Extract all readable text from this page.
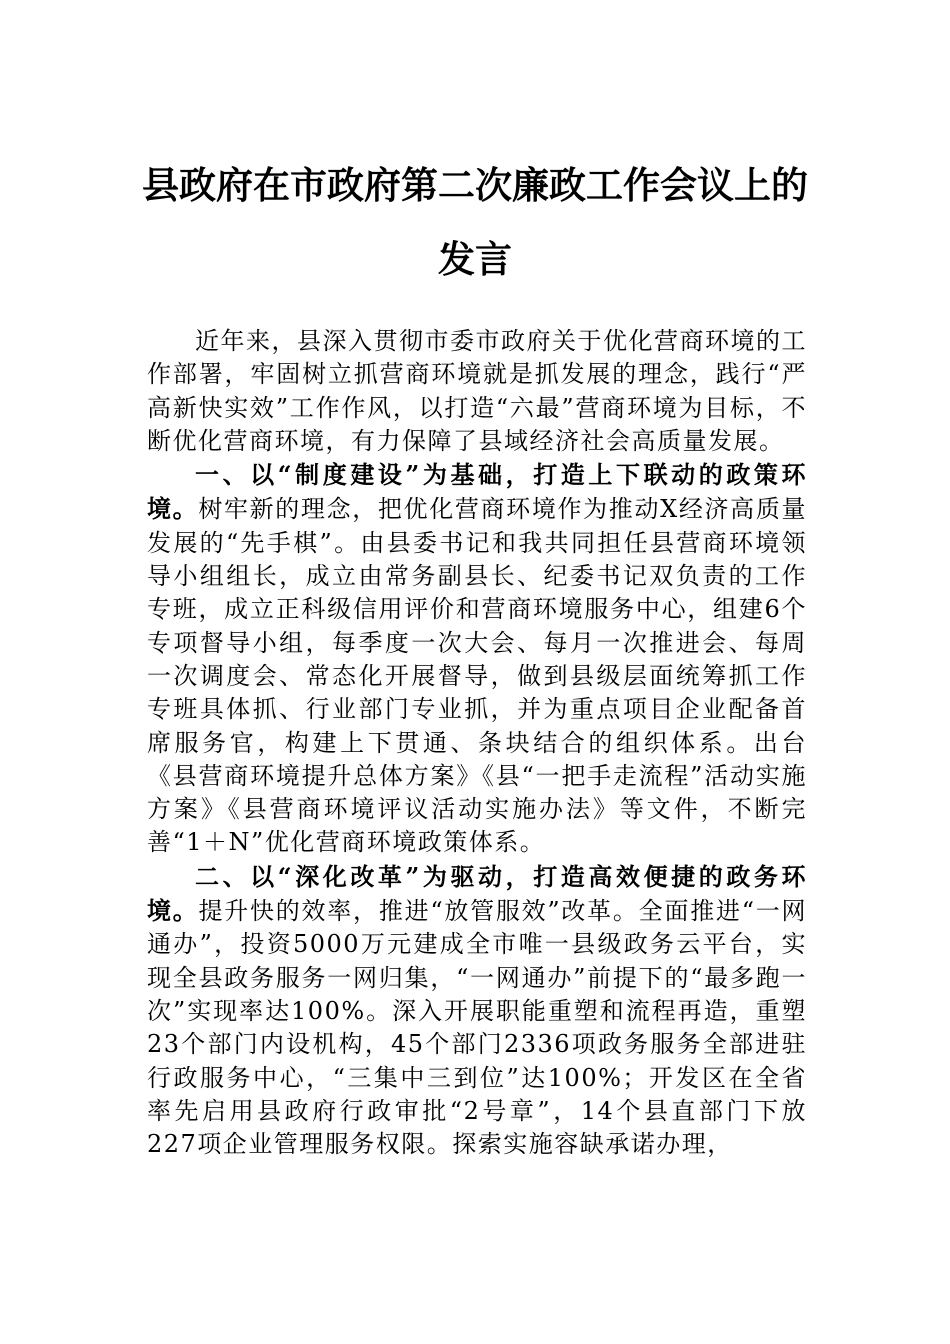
县政府在市政府第二次廉政工作会议上的发言

近年来，县深入贯彻市委市政府关于优化营商环境的工作部署，牢固树立抓营商环境就是抓发展的理念，践行“严高新快实效”工作作风，以打造“六最”营商环境为目标，不断优化营商环境，有力保障了县域经济社会高质量发展。

一、以“制度建设”为基础，打造上下联动的政策环境。树牢新的理念，把优化营商环境作为推动X经济高质量发展的“先手棋”。由县委书记和我共同担任县营商环境领导小组组长，成立由常务副县长、纪委书记双负责的工作专班，成立正科级信用评价和营商环境服务中心，组建6个专项督导小组，每季度一次大会、每月一次推进会、每周一次调度会、常态化开展督导，做到县级层面统筹抓工作专班具体抓、行业部门专业抓，并为重点项目企业配备首席服务官，构建上下贯通、条块结合的组织体系。出台《县营商环境提升总体方案》《县“一把手走流程”活动实施方案》《县营商环境评议活动实施办法》等文件，不断完善“1＋N”优化营商环境政策体系。

二、以“深化改革”为驱动，打造高效便捷的政务环境。提升快的效率，推进“放管服效”改革。全面推进“一网通办”，投资5000万元建成全市唯一县级政务云平台，实现全县政务服务一网归集，“一网通办”前提下的“最多跑一次”实现率达100%。深入开展职能重塑和流程再造，重塑23个部门内设机构，45个部门2336项政务服务全部进驻行政服务中心，“三集中三到位”达100%；开发区在全省率先启用县政府行政审批“2号章”，14个县直部门下放227项企业管理服务权限。探索实施容缺承诺办理，
